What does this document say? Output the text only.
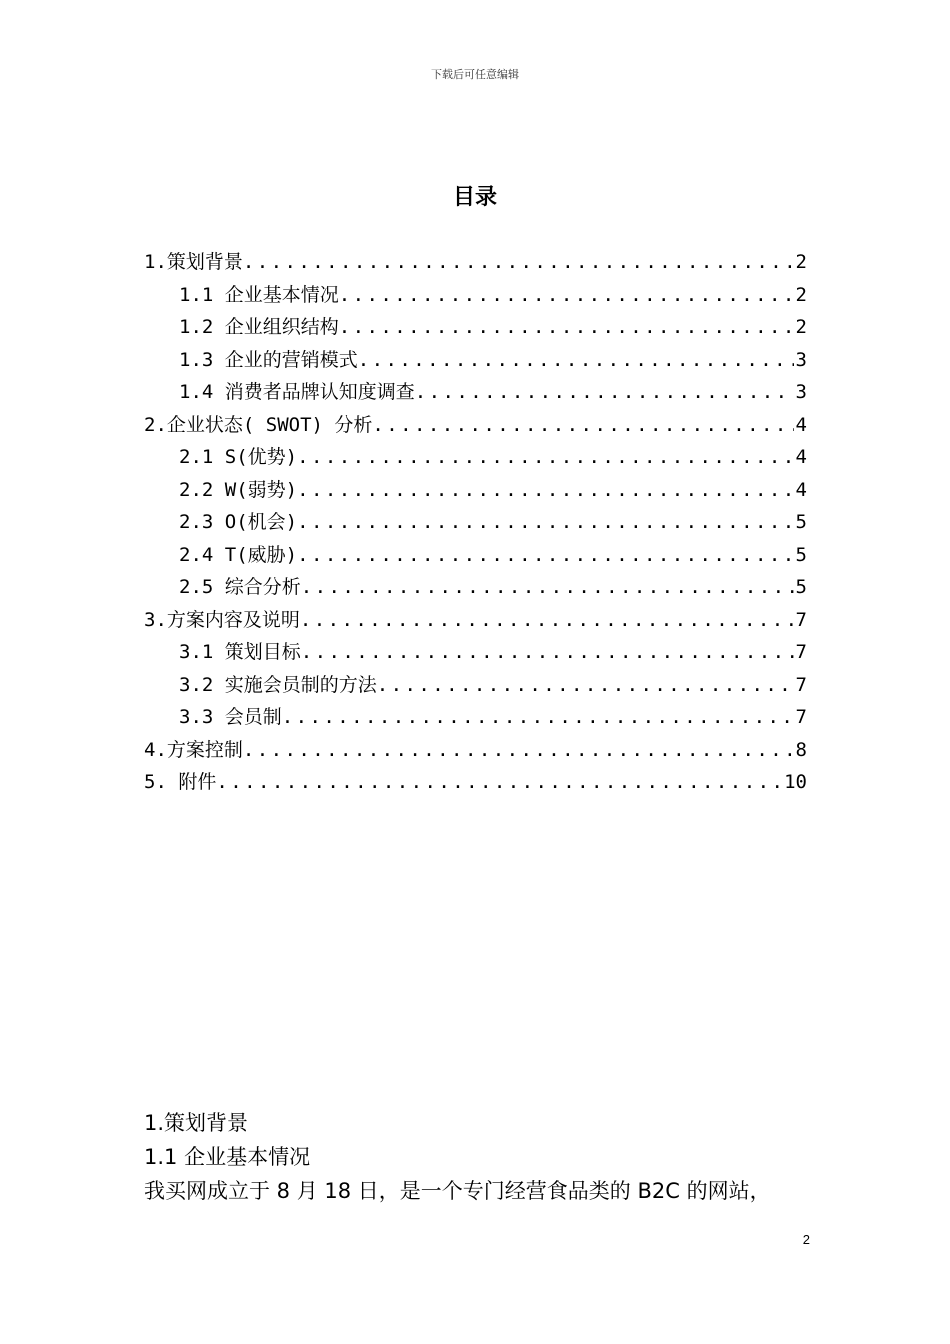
下载后可任意编辑
目录
1.策划背景 . . .	2
1.1 企业基本情况 . . .	2
1.2 企业组织结构 . . .	2
1.3 企业的营销模式 . . .	3
1.4 消费者品牌认知度调查 . . .	3
2.企业状态( SWOT) 分析 . . .	4
2.1 S(优势) . . .	4
2.2 W(弱势) . . .	4
2.3 O(机会) . . .	5
2.4 T(威胁) . . .	5
2.5 综合分析 . . .	5
3.方案内容及说明 . . .	7
3.1 策划目标 . . .	7
3.2 实施会员制的方法 . . .	7
3.3 会员制 . . .	7
4.方案控制 . . .	8
5. 附件 . . .	10
1.策划背景
1.1 企业基本情况
我买网成立于 8 月 18 日，是一个专门经营食品类的 B2C 的网站，
2
